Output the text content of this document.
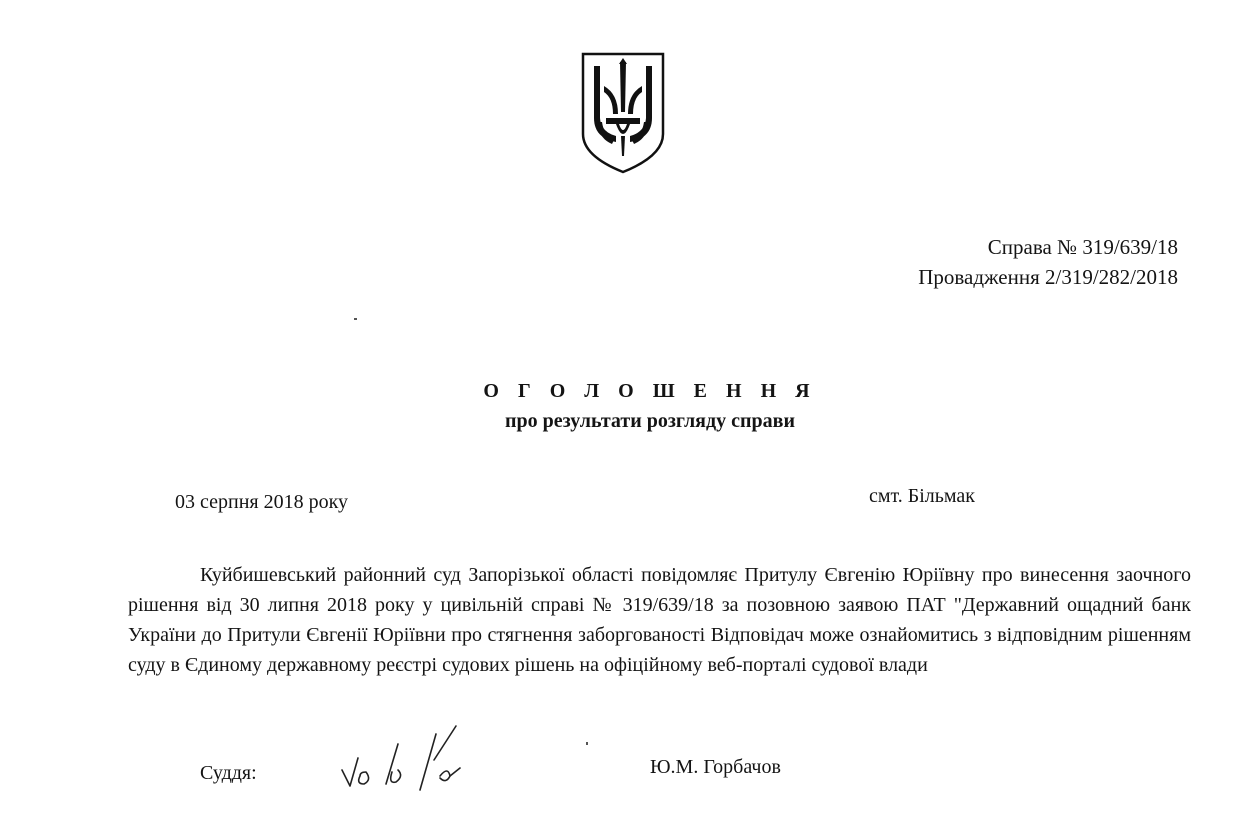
Справа № 319/639/18
Провадження 2/319/282/2018
О Г О Л О Ш Е Н Н Я
про результати розгляду справи
03 серпня 2018 року	смт. Більмак
Куйбишевський районний суд Запорізької області повідомляє Притулу Євгенію Юріївну про винесення заочного рішення від 30 липня 2018 року у цивільній справі № 319/639/18 за позовною заявою ПАТ "Державний ощадний банк України до Притули Євгенії Юріївни про стягнення заборгованості Відповідач може ознайомитись з відповідним рішенням суду в Єдиному державному реєстрі судових рішень на офіційному веб-порталі судової влади
Суддя:	Ю.М. Горбачов
